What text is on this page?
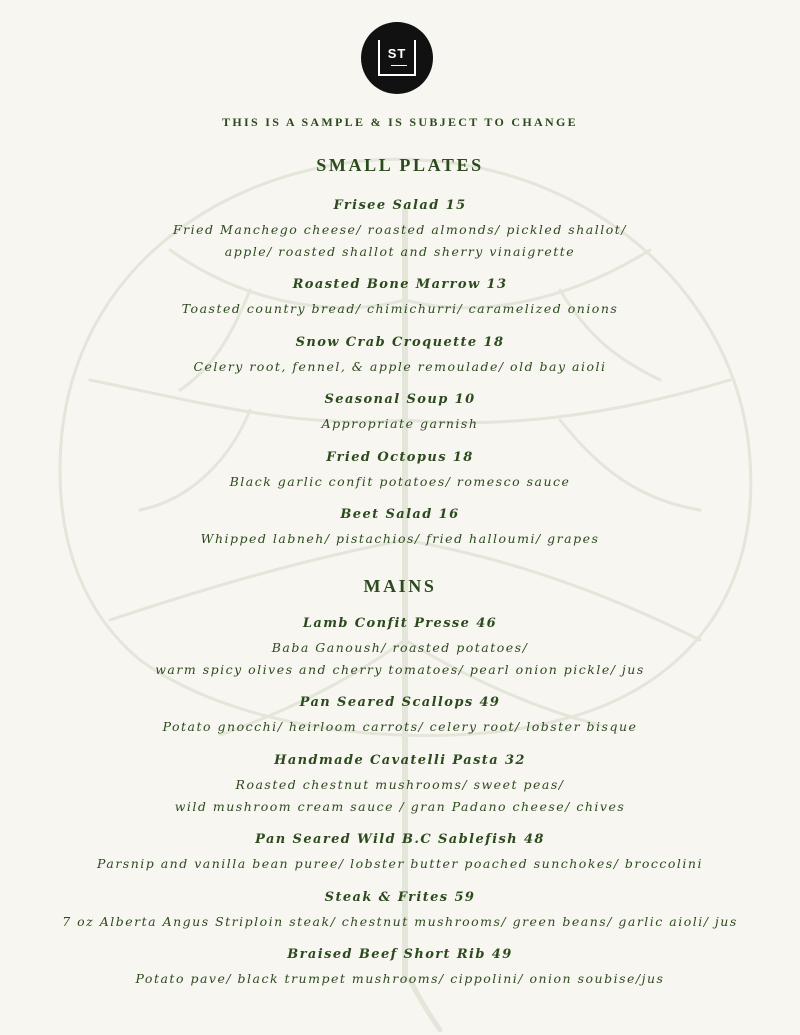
ST
THIS IS A SAMPLE & IS SUBJECT TO CHANGE
SMALL PLATES
Frisee Salad 15
Fried Manchego cheese/ roasted almonds/ pickled shallot/
apple/ roasted shallot and sherry vinaigrette
Roasted Bone Marrow 13
Toasted country bread/ chimichurri/ caramelized onions
Snow Crab Croquette 18
Celery root, fennel, & apple remoulade/ old bay aioli
Seasonal Soup 10
Appropriate garnish
Fried Octopus 18
Black garlic confit potatoes/ romesco sauce
Beet Salad 16
Whipped labneh/ pistachios/ fried halloumi/ grapes
MAINS
Lamb Confit Presse 46
Baba Ganoush/ roasted potatoes/
warm spicy olives and cherry tomatoes/ pearl onion pickle/ jus
Pan Seared Scallops 49
Potato gnocchi/ heirloom carrots/ celery root/ lobster bisque
Handmade Cavatelli Pasta 32
Roasted chestnut mushrooms/ sweet peas/
wild mushroom cream sauce / gran Padano cheese/ chives
Pan Seared Wild B.C Sablefish 48
Parsnip and vanilla bean puree/ lobster butter poached sunchokes/ broccolini
Steak & Frites 59
7 oz Alberta Angus Striploin steak/ chestnut mushrooms/ green beans/ garlic aioli/ jus
Braised Beef Short Rib 49
Potato pave/ black trumpet mushrooms/ cippolini/ onion soubise/jus
